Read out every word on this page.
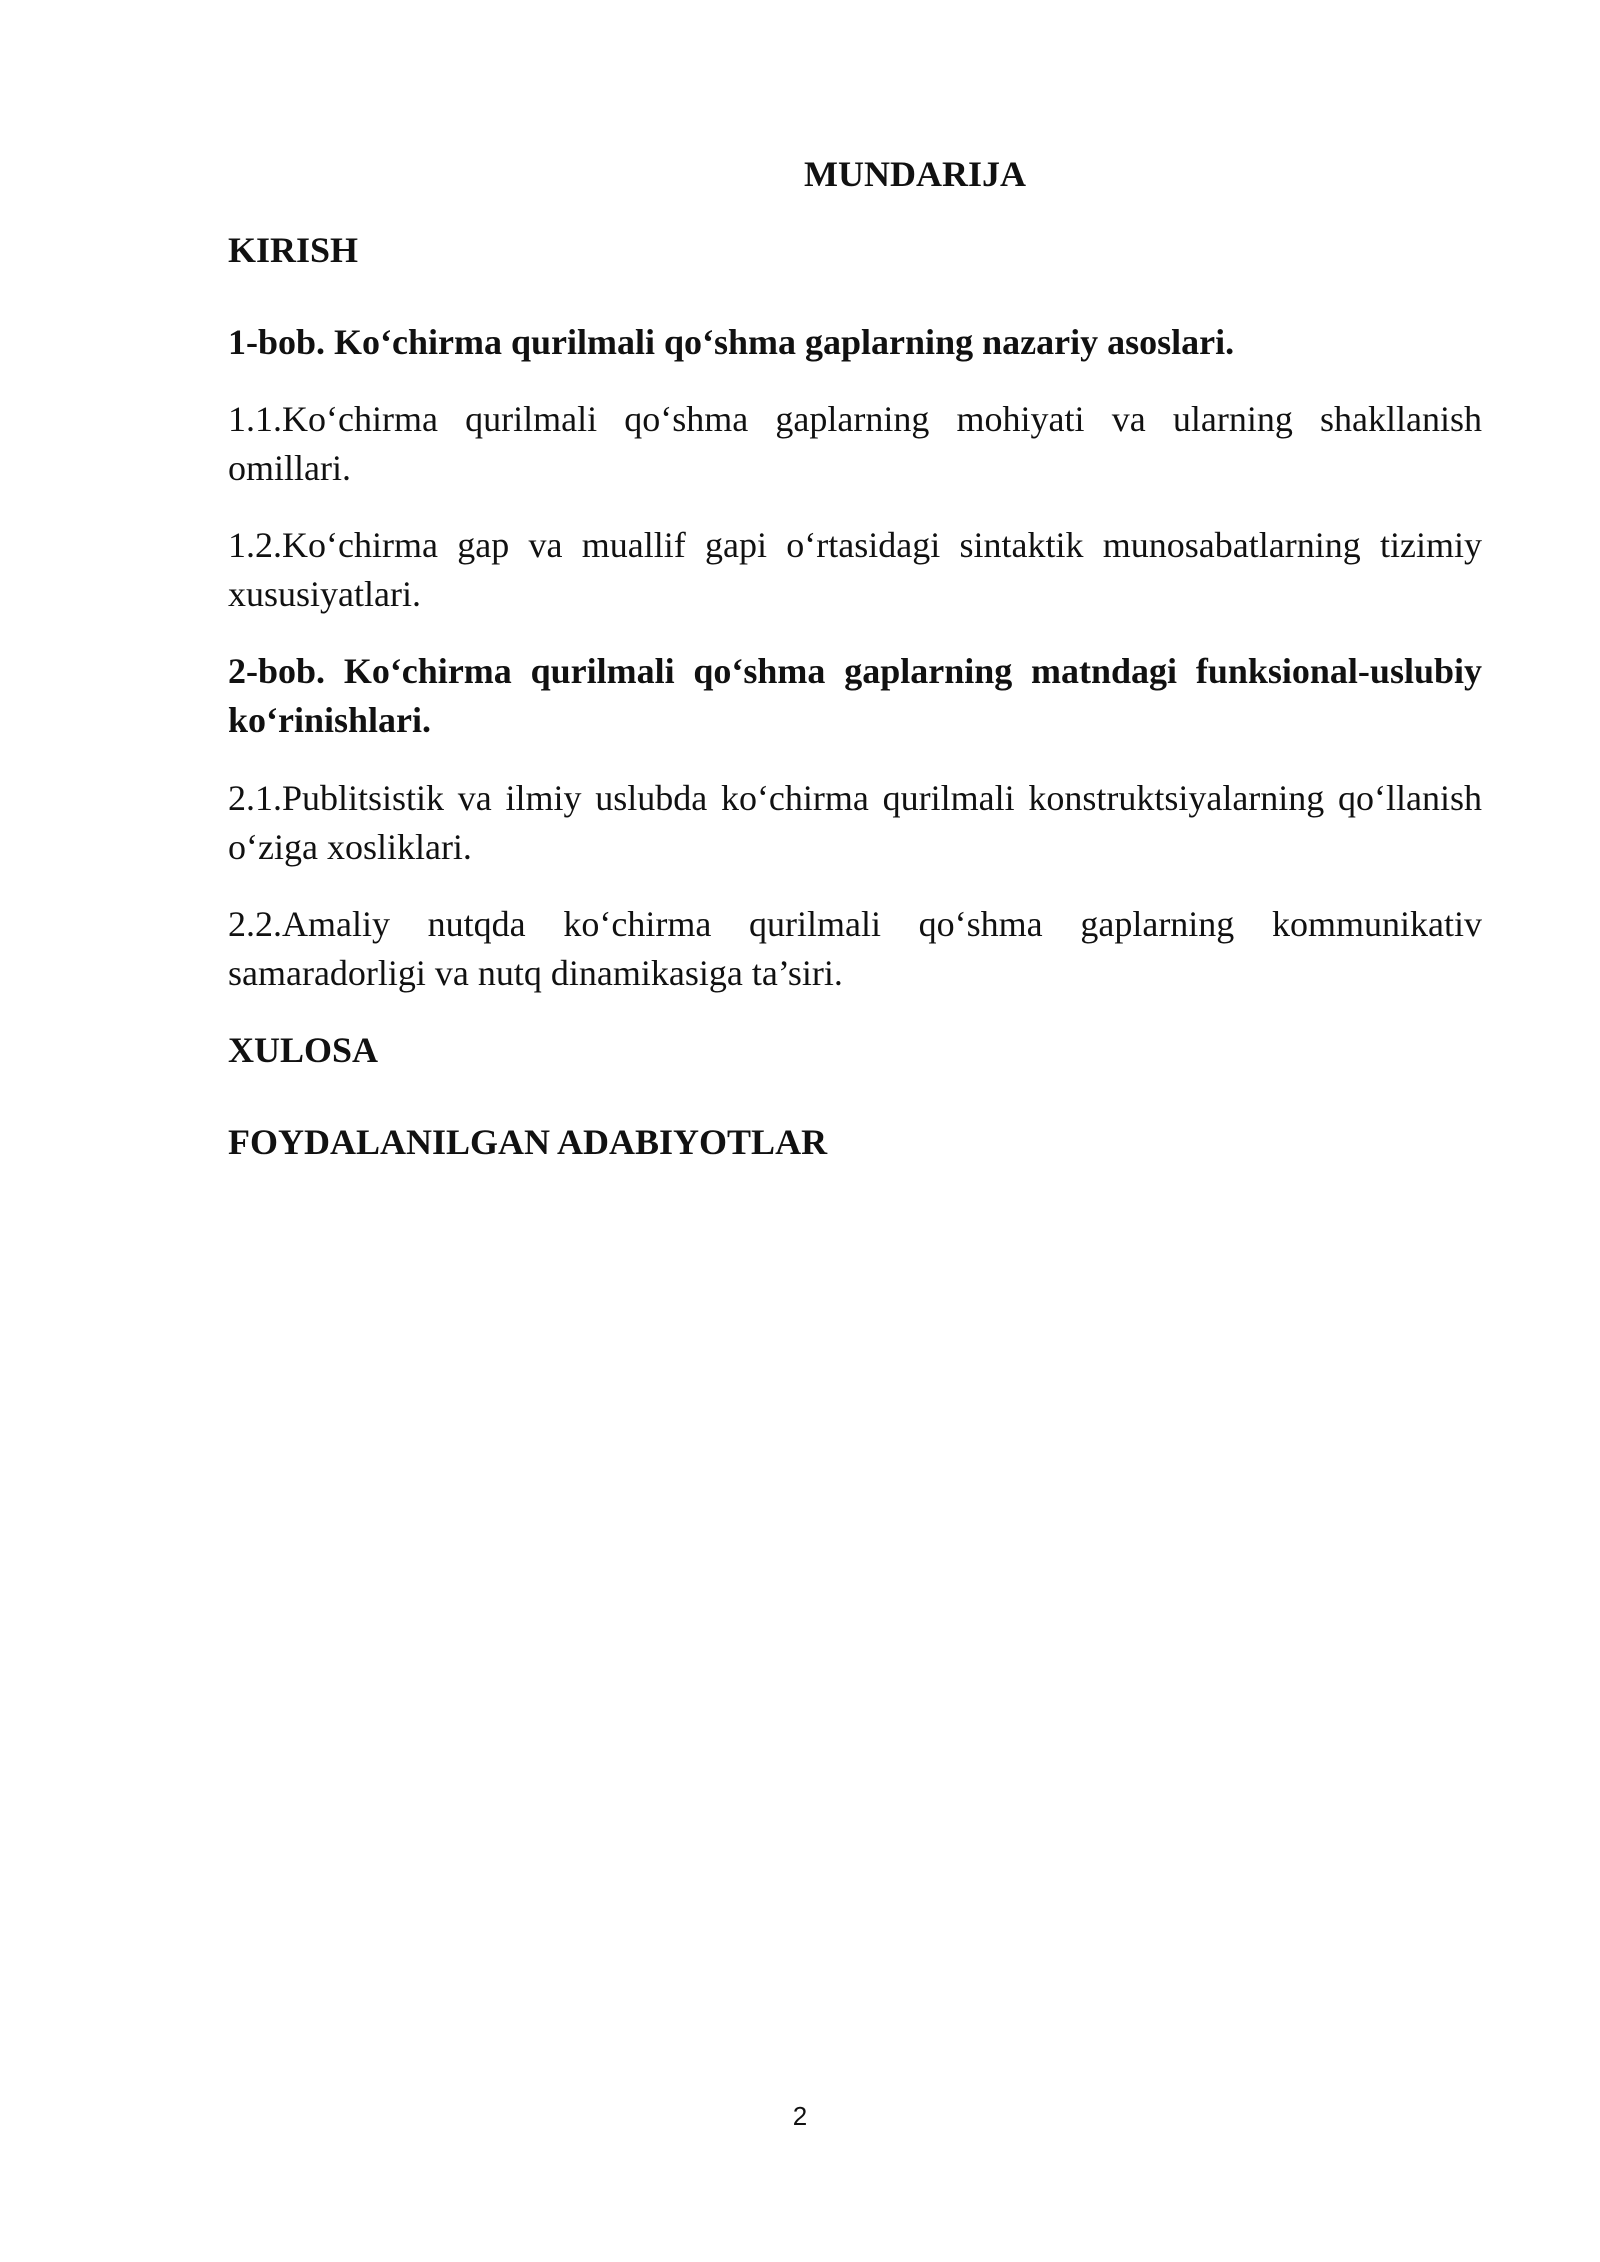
MUNDARIJA

KIRISH

1-bob. Ko‘chirma qurilmali qo‘shma gaplarning nazariy asoslari.

1.1.Ko‘chirma qurilmali qo‘shma gaplarning mohiyati va ularning shakllanish omillari.

1.2.Ko‘chirma gap va muallif gapi o‘rtasidagi sintaktik munosabatlarning tizimiy xususiyatlari.

2-bob. Ko‘chirma qurilmali qo‘shma gaplarning matndagi funksional-uslubiy ko‘rinishlari.

2.1.Publitsistik va ilmiy uslubda ko‘chirma qurilmali konstruktsiyalarning qo‘llanish o‘ziga xosliklari.

2.2.Amaliy nutqda ko‘chirma qurilmali qo‘shma gaplarning kommunikativ samaradorligi va nutq dinamikasiga ta’siri.

XULOSA

FOYDALANILGAN ADABIYOTLAR

2
